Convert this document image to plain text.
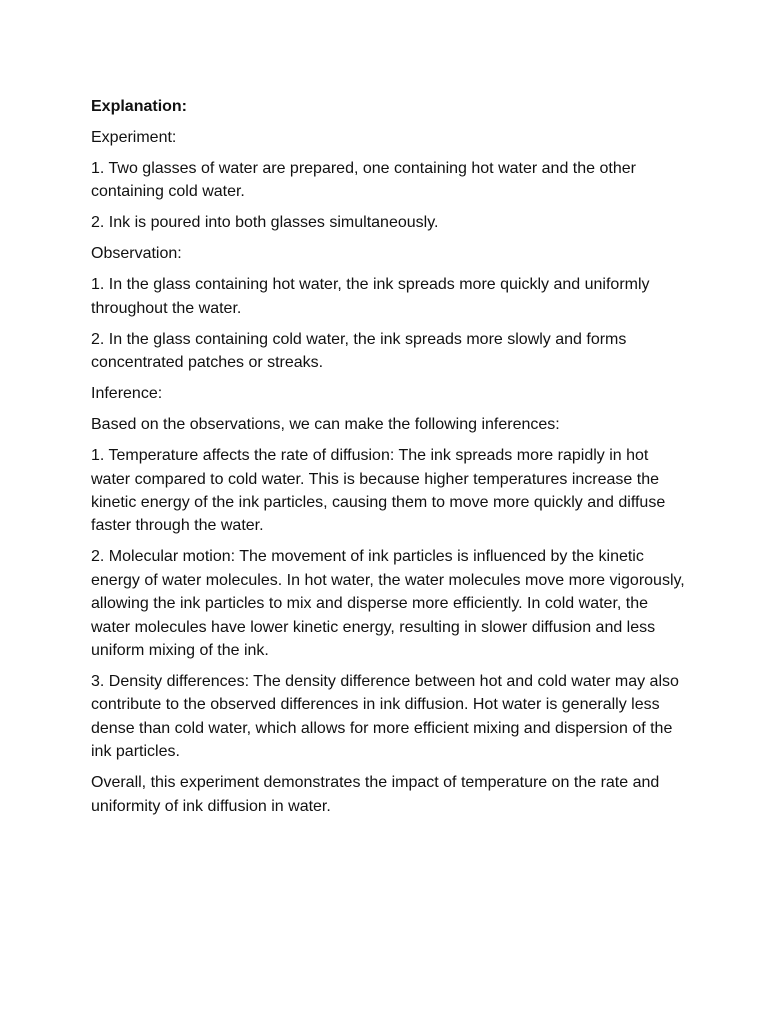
Explanation:

Experiment:

1. Two glasses of water are prepared, one containing hot water and the other containing cold water.

2. Ink is poured into both glasses simultaneously.

Observation:

1. In the glass containing hot water, the ink spreads more quickly and uniformly throughout the water.

2. In the glass containing cold water, the ink spreads more slowly and forms concentrated patches or streaks.

Inference:

Based on the observations, we can make the following inferences:

1. Temperature affects the rate of diffusion: The ink spreads more rapidly in hot water compared to cold water. This is because higher temperatures increase the kinetic energy of the ink particles, causing them to move more quickly and diffuse faster through the water.

2. Molecular motion: The movement of ink particles is influenced by the kinetic energy of water molecules. In hot water, the water molecules move more vigorously, allowing the ink particles to mix and disperse more efficiently. In cold water, the water molecules have lower kinetic energy, resulting in slower diffusion and less uniform mixing of the ink.

3. Density differences: The density difference between hot and cold water may also contribute to the observed differences in ink diffusion. Hot water is generally less dense than cold water, which allows for more efficient mixing and dispersion of the ink particles.

Overall, this experiment demonstrates the impact of temperature on the rate and uniformity of ink diffusion in water.
